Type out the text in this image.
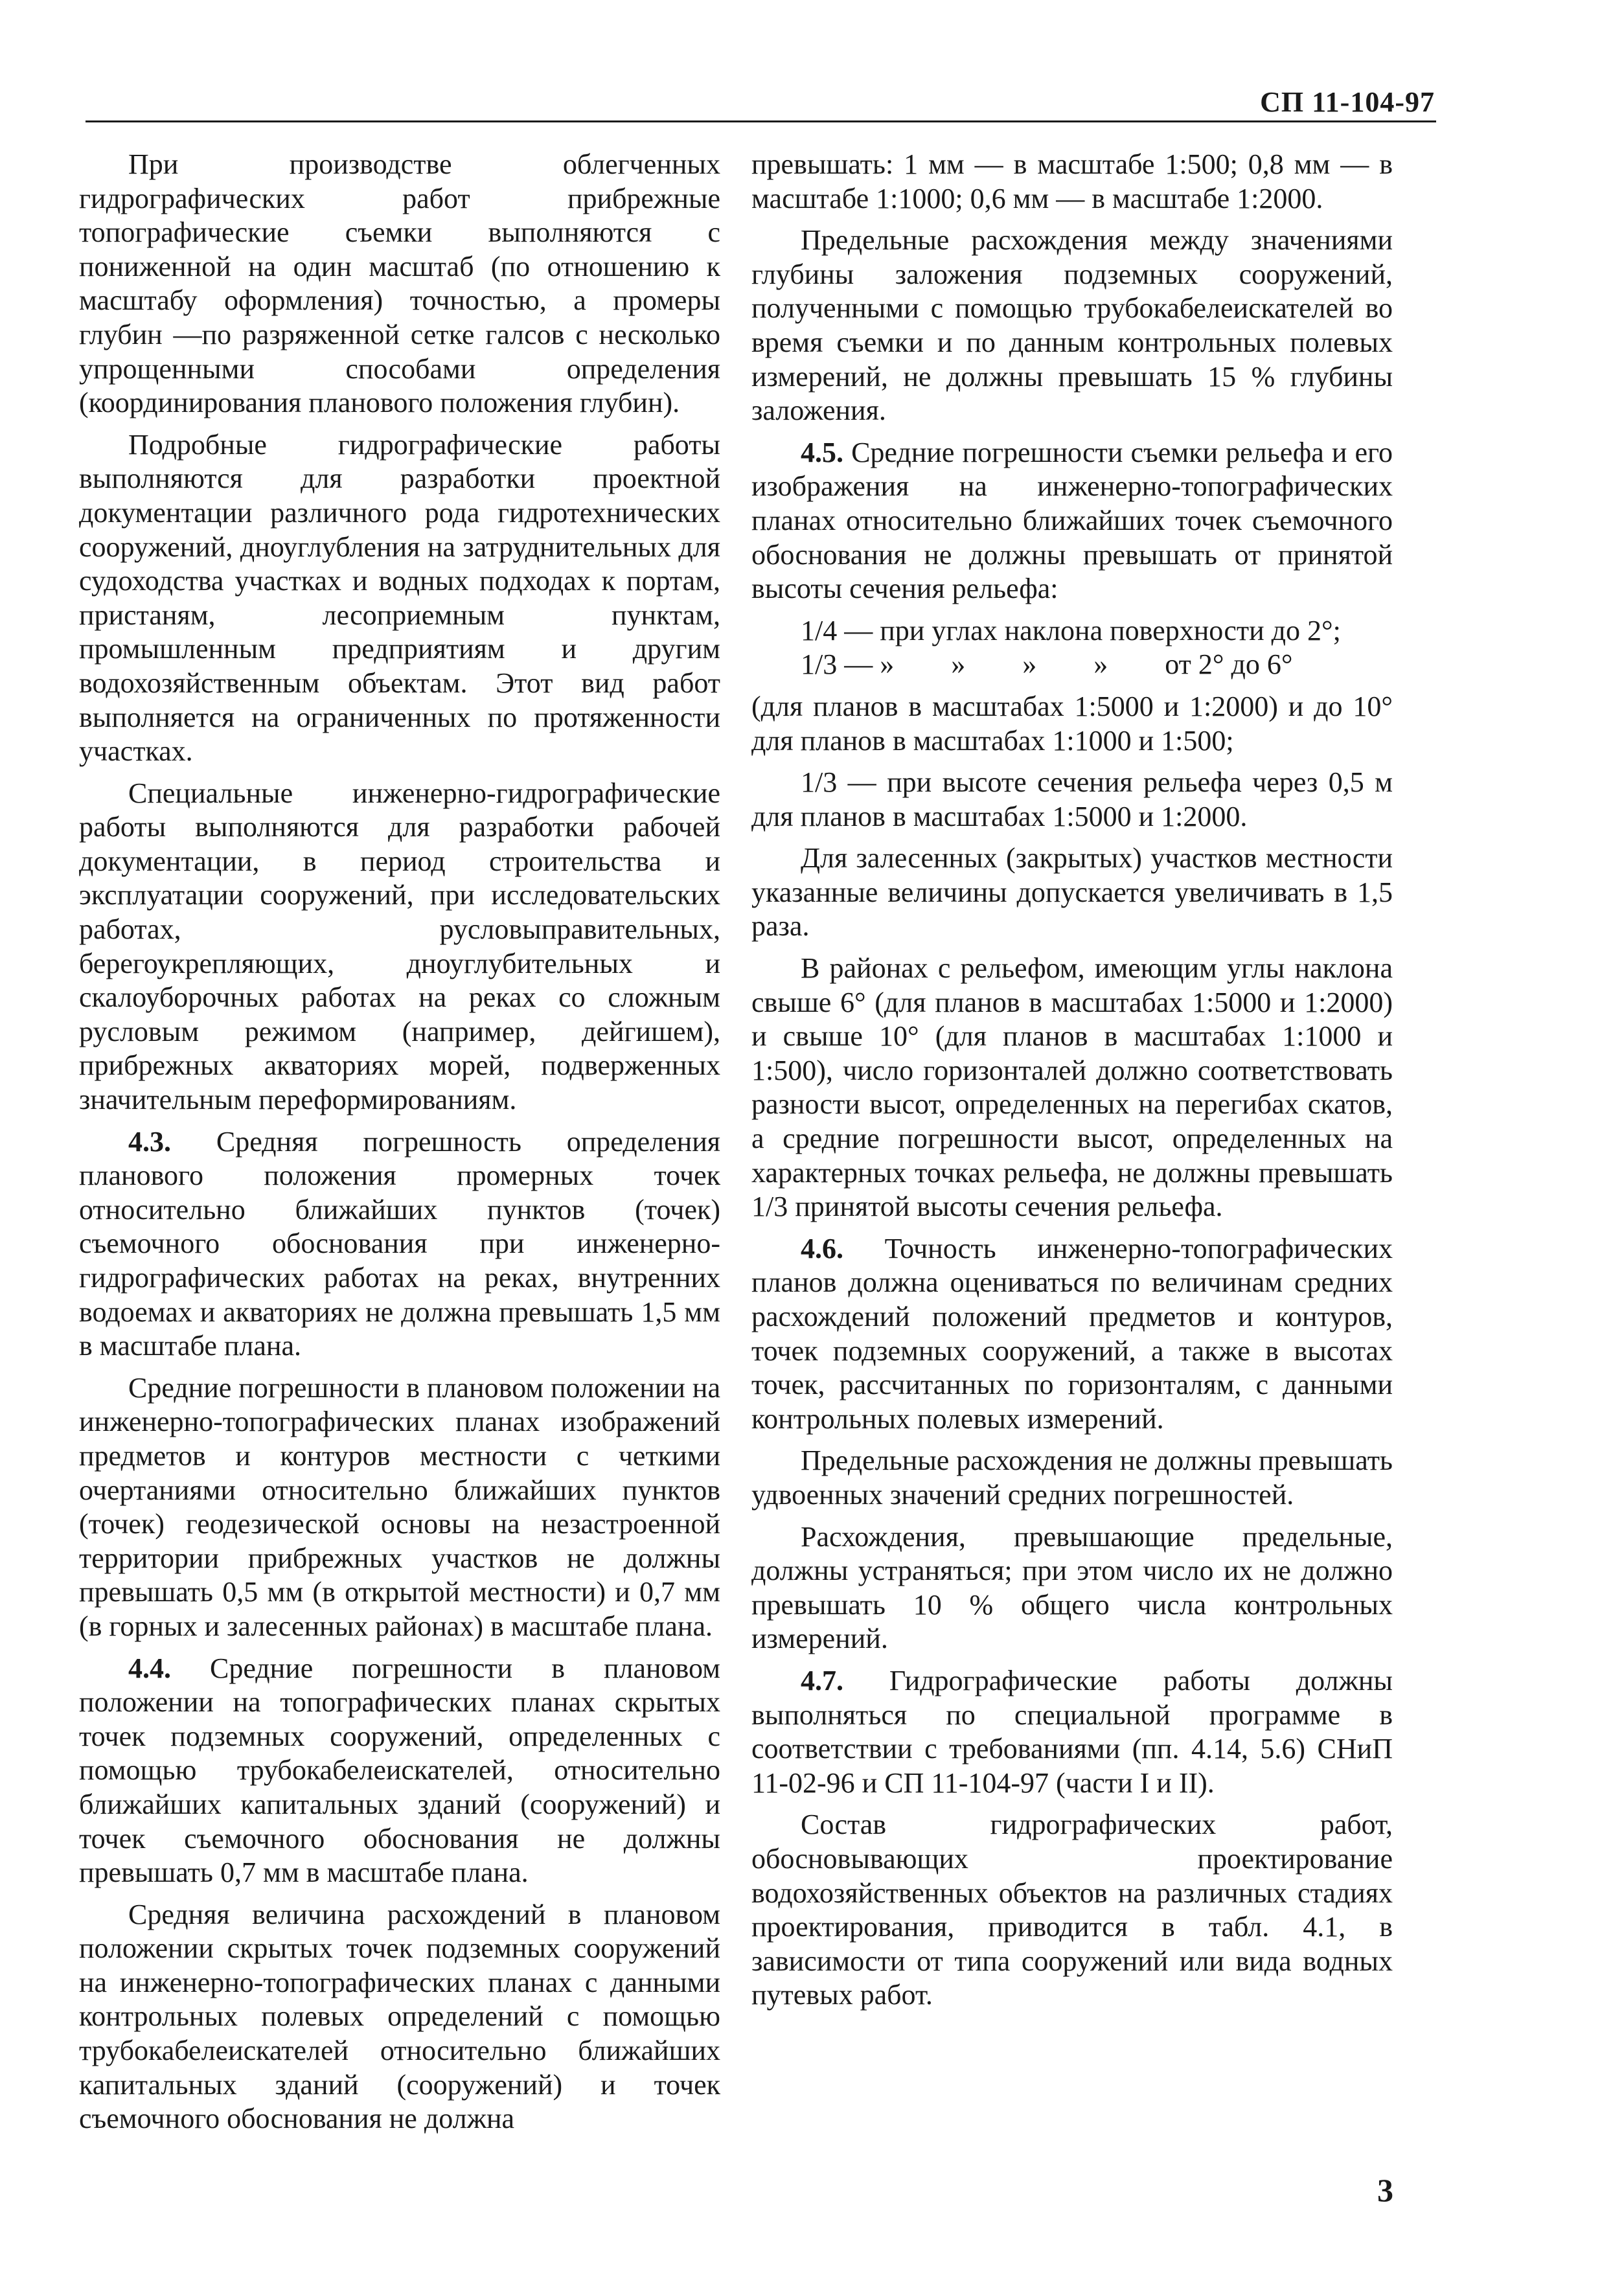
СП 11-104-97

При производстве облегченных гидрографических работ прибрежные топографические съемки выполняются с пониженной на один масштаб (по отношению к масштабу оформления) точностью, а промеры глубин —по разряженной сетке галсов с несколько упрощенными способами определения (координирования планового положения глубин).

Подробные гидрографические работы выполняются для разработки проектной документации различного рода гидротехнических сооружений, дноуглубления на затруднительных для судоходства участках и водных подходах к портам, пристаням, лесоприемным пунктам, промышленным предприятиям и другим водохозяйственным объектам. Этот вид работ выполняется на ограниченных по протяженности участках.

Специальные инженерно-гидрографические работы выполняются для разработки рабочей документации, в период строительства и эксплуатации сооружений, при исследовательских работах, русловыправительных, берегоукрепляющих, дноуглубительных и скалоуборочных работах на реках со сложным русловым режимом (например, дейгишем), прибрежных акваториях морей, подверженных значительным переформированиям.

4.3. Средняя погрешность определения планового положения промерных точек относительно ближайших пунктов (точек) съемочного обоснования при инженерно-гидрографических работах на реках, внутренних водоемах и акваториях не должна превышать 1,5 мм в масштабе плана.

Средние погрешности в плановом положении на инженерно-топографических планах изображений предметов и контуров местности с четкими очертаниями относительно ближайших пунктов (точек) геодезической основы на незастроенной территории прибрежных участков не должны превышать 0,5 мм (в открытой местности) и 0,7 мм (в горных и залесенных районах) в масштабе плана.

4.4. Средние погрешности в плановом положении на топографических планах скрытых точек подземных сооружений, определенных с помощью трубокабелеискателей, относительно ближайших капитальных зданий (сооружений) и точек съемочного обоснования не должны превышать 0,7 мм в масштабе плана.

Средняя величина расхождений в плановом положении скрытых точек подземных сооружений на инженерно-топографических планах с данными контрольных полевых определений с помощью трубокабелеискателей относительно ближайших капитальных зданий (сооружений) и точек съемочного обоснования не должна

превышать: 1 мм — в масштабе 1:500; 0,8 мм — в масштабе 1:1000; 0,6 мм — в масштабе 1:2000.

Предельные расхождения между значениями глубины заложения подземных сооружений, полученными с помощью трубокабелеискателей во время съемки и по данным контрольных полевых измерений, не должны превышать 15 % глубины заложения.

4.5. Средние погрешности съемки рельефа и его изображения на инженерно-топографических планах относительно ближайших точек съемочного обоснования не должны превышать от принятой высоты сечения рельефа:

1/4 — при углах наклона поверхности до 2°;

1/3 — »        »        »        »        от 2° до 6°

(для планов в масштабах 1:5000 и 1:2000) и до 10° для планов в масштабах 1:1000 и 1:500;

1/3 — при высоте сечения рельефа через 0,5 м для планов в масштабах 1:5000 и 1:2000.

Для залесенных (закрытых) участков местности указанные величины допускается увеличивать в 1,5 раза.

В районах с рельефом, имеющим углы наклона свыше 6° (для планов в масштабах 1:5000 и 1:2000) и свыше 10° (для планов в масштабах 1:1000 и 1:500), число горизонталей должно соответствовать разности высот, определенных на перегибах скатов, а средние погрешности высот, определенных на характерных точках рельефа, не должны превышать 1/3 принятой высоты сечения рельефа.

4.6. Точность инженерно-топографических планов должна оцениваться по величинам средних расхождений положений предметов и контуров, точек подземных сооружений, а также в высотах точек, рассчитанных по горизонталям, с данными контрольных полевых измерений.

Предельные расхождения не должны превышать удвоенных значений средних погрешностей.

Расхождения, превышающие предельные, должны устраняться; при этом число их не должно превышать 10 % общего числа контрольных измерений.

4.7. Гидрографические работы должны выполняться по специальной программе в соответствии с требованиями (пп. 4.14, 5.6) СНиП 11-02-96 и СП 11-104-97 (части I и II).

Состав гидрографических работ, обосновывающих проектирование водохозяйственных объектов на различных стадиях проектирования, приводится в табл. 4.1, в зависимости от типа сооружений или вида водных путевых работ.

3
